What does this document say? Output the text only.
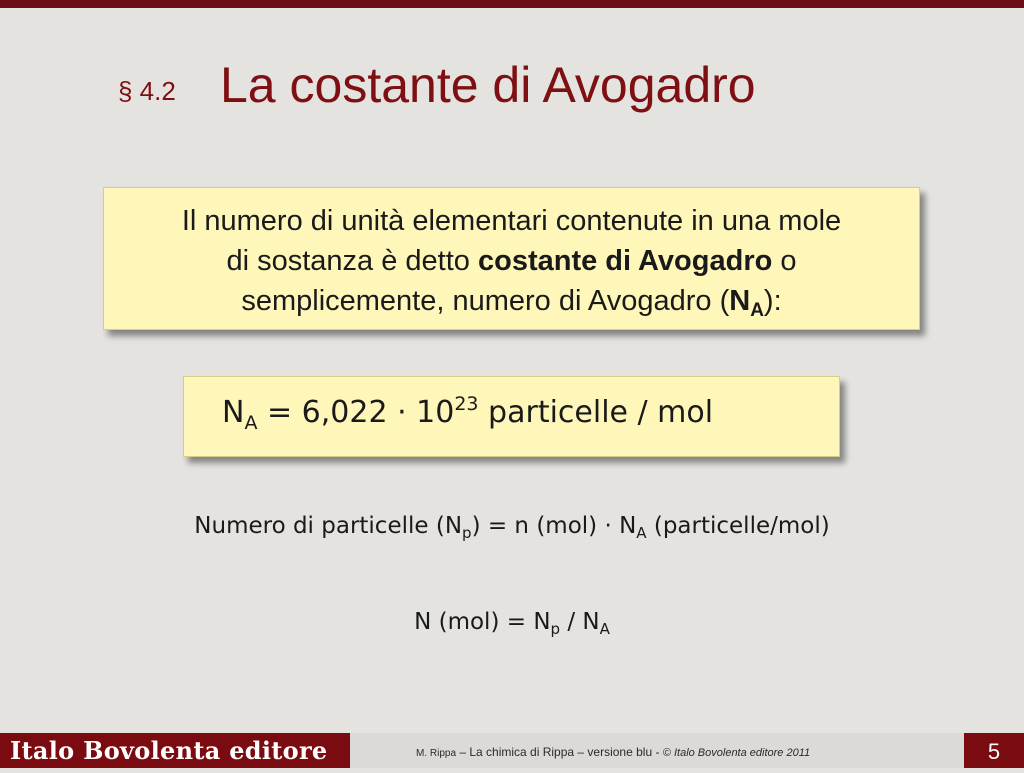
§ 4.2 La costante di Avogadro
Il numero di unità elementari contenute in una mole
di sostanza è detto costante di Avogadro o
semplicemente, numero di Avogadro $(N_A)$:
$N_A = 6,022 \cdot 10^{23}$ particelle / mol
Numero di particelle $(N_p) = n$ $(mol) \cdot N_A$ (particelle/mol)
N $(mol) = N_p / N_A$
Italo Bovolenta editore	M. Rippa – La chimica di Rippa – versione blu - © Italo Bovolenta editore 2011	5
